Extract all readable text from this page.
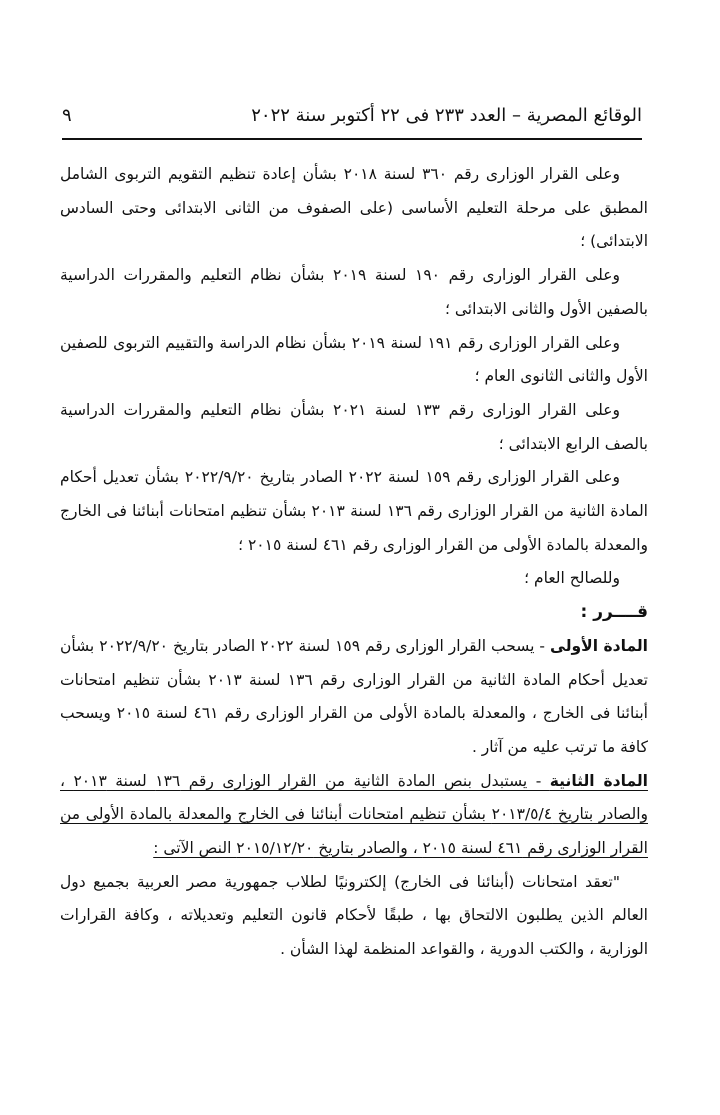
الوقائع المصرية – العدد ٢٣٣ فى ٢٢ أكتوبر سنة ٢٠٢٢
٩

وعلى القرار الوزارى رقم ٣٦٠ لسنة ٢٠١٨ بشأن إعادة تنظيم التقويم التربوى الشامل المطبق على مرحلة التعليم الأساسى (على الصفوف من الثانى الابتدائى وحتى السادس الابتدائى) ؛

وعلى القرار الوزارى رقم ١٩٠ لسنة ٢٠١٩ بشأن نظام التعليم والمقررات الدراسية بالصفين الأول والثانى الابتدائى ؛

وعلى القرار الوزارى رقم ١٩١ لسنة ٢٠١٩ بشأن نظام الدراسة والتقييم التربوى للصفين الأول والثانى الثانوى العام ؛

وعلى القرار الوزارى رقم ١٣٣ لسنة ٢٠٢١ بشأن نظام التعليم والمقررات الدراسية بالصف الرابع الابتدائى ؛

وعلى القرار الوزارى رقم ١٥٩ لسنة ٢٠٢٢ الصادر بتاريخ ٢٠٢٢/٩/٢٠ بشأن تعديل أحكام المادة الثانية من القرار الوزارى رقم ١٣٦ لسنة ٢٠١٣ بشأن تنظيم امتحانات أبنائنا فى الخارج والمعدلة بالمادة الأولى من القرار الوزارى رقم ٤٦١ لسنة ٢٠١٥ ؛

وللصالح العام ؛

قــــرر :

المادة الأولى - يسحب القرار الوزارى رقم ١٥٩ لسنة ٢٠٢٢ الصادر بتاريخ ٢٠٢٢/٩/٢٠ بشأن تعديل أحكام المادة الثانية من القرار الوزارى رقم ١٣٦ لسنة ٢٠١٣ بشأن تنظيم امتحانات أبنائنا فى الخارج ، والمعدلة بالمادة الأولى من القرار الوزارى رقم ٤٦١ لسنة ٢٠١٥ ويسحب كافة ما ترتب عليه من آثار .

المادة الثانية - يستبدل بنص المادة الثانية من القرار الوزارى رقم ١٣٦ لسنة ٢٠١٣ ، والصادر بتاريخ ٢٠١٣/٥/٤ بشأن تنظيم امتحانات أبنائنا فى الخارج والمعدلة بالمادة الأولى من القرار الوزارى رقم ٤٦١ لسنة ٢٠١٥ ، والصادر بتاريخ ٢٠١٥/١٢/٢٠ النص الآتى :

"تعقد امتحانات (أبنائنا فى الخارج) إلكترونيًا لطلاب جمهورية مصر العربية بجميع دول العالم الذين يطلبون الالتحاق بها ، طبقًا لأحكام قانون التعليم وتعديلاته ، وكافة القرارات الوزارية ، والكتب الدورية ، والقواعد المنظمة لهذا الشأن .
